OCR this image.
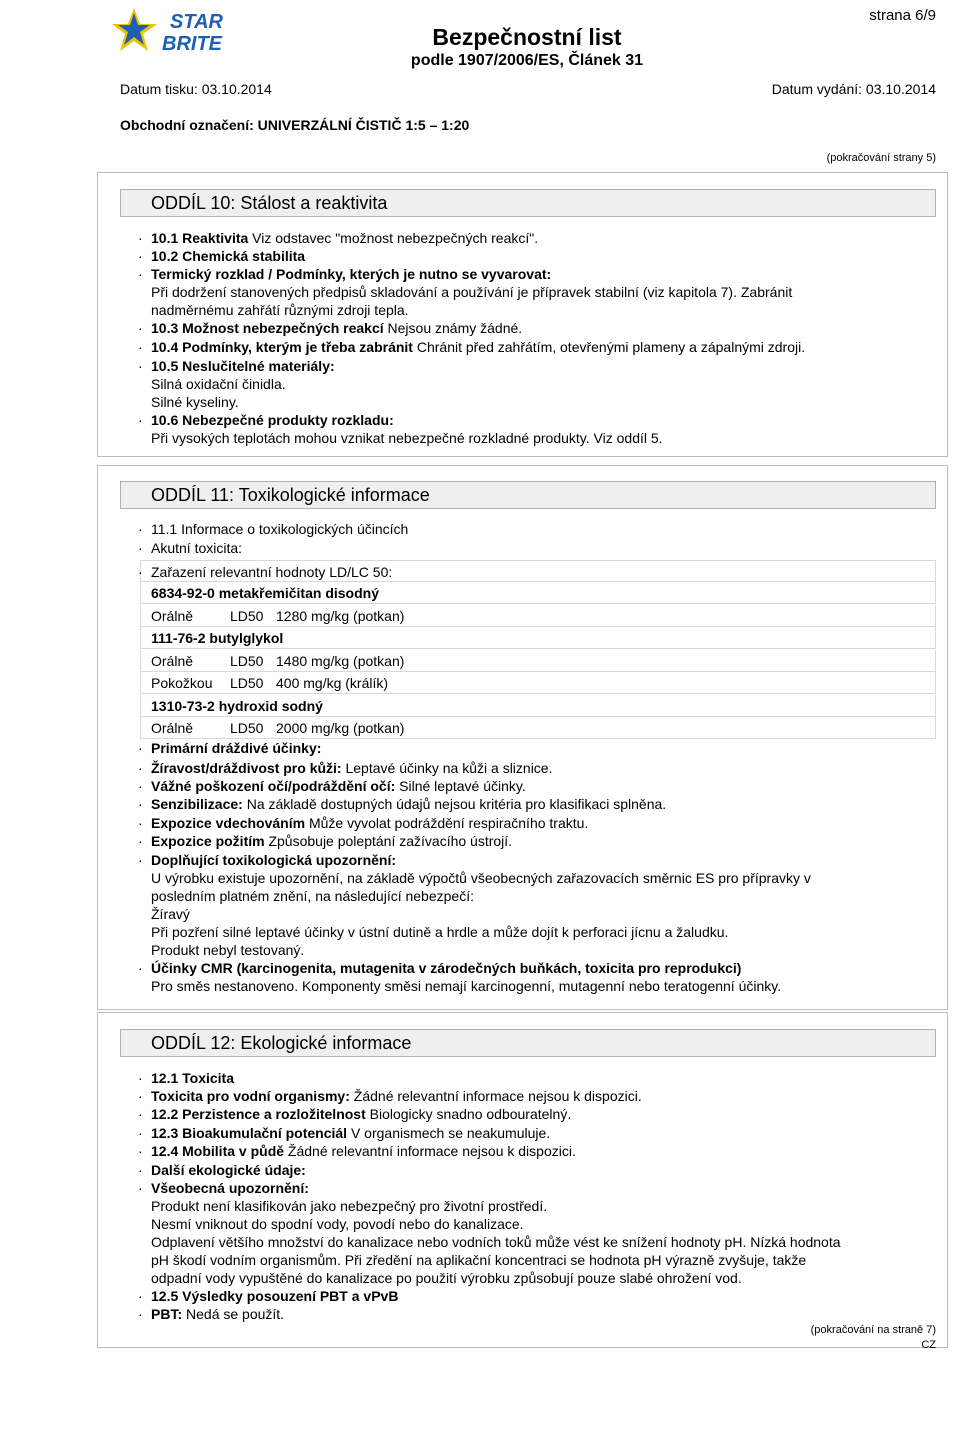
STAR
BRITE
strana 6/9
Bezpečnostní list
podle 1907/2006/ES, Článek 31
Datum tisku: 03.10.2014	Datum vydání: 03.10.2014
Obchodní označení: UNIVERZÁLNÍ ČISTIČ 1:5 – 1:20
(pokračování strany 5)
ODDÍL 10: Stálost a reaktivita
· 10.1 Reaktivita Viz odstavec "možnost nebezpečných reakcí".
· 10.2 Chemická stabilita
· Termický rozklad / Podmínky, kterých je nutno se vyvarovat:
Při dodržení stanovených předpisů skladování a používání je přípravek stabilní (viz kapitola 7). Zabránit
nadměrnému zahřátí různými zdroji tepla.
· 10.3 Možnost nebezpečných reakcí Nejsou známy žádné.
· 10.4 Podmínky, kterým je třeba zabránit Chránit před zahřátím, otevřenými plameny a zápalnými zdroji.
· 10.5 Neslučitelné materiály:
Silná oxidační činidla.
Silné kyseliny.
· 10.6 Nebezpečné produkty rozkladu:
Při vysokých teplotách mohou vznikat nebezpečné rozkladné produkty. Viz oddíl 5.
ODDÍL 11: Toxikologické informace
· 11.1 Informace o toxikologických účincích
· Akutní toxicita:
· Zařazení relevantní hodnoty LD/LC 50:
6834-92-0 metakřemičitan disodný
Orálně	LD50 1280 mg/kg (potkan)
111-76-2 butylglykol
Orálně	LD50 1480 mg/kg (potkan)
Pokožkou LD50 400 mg/kg (králík)
1310-73-2 hydroxid sodný
Orálně	LD50 2000 mg/kg (potkan)
· Primární dráždivé účinky:
· Žíravost/dráždivost pro kůži: Leptavé účinky na kůži a sliznice.
· Vážné poškození očí/podráždění očí: Silné leptavé účinky.
· Senzibilizace: Na základě dostupných údajů nejsou kritéria pro klasifikaci splněna.
· Expozice vdechováním Může vyvolat podráždění respiračního traktu.
· Expozice požitím Způsobuje poleptání zažívacího ústrojí.
· Doplňující toxikologická upozornění:
U výrobku existuje upozornění, na základě výpočtů všeobecných zařazovacích směrnic ES pro přípravky v
posledním platném znění, na následující nebezpečí:
Žíravý
Při pozření silné leptavé účinky v ústní dutině a hrdle a může dojít k perforaci jícnu a žaludku.
Produkt nebyl testovaný.
· Účinky CMR (karcinogenita, mutagenita v zárodečných buňkách, toxicita pro reprodukci)
Pro směs nestanoveno. Komponenty směsi nemají karcinogenní, mutagenní nebo teratogenní účinky.
ODDÍL 12: Ekologické informace
· 12.1 Toxicita
· Toxicita pro vodní organismy: Žádné relevantní informace nejsou k dispozici.
· 12.2 Perzistence a rozložitelnost Biologicky snadno odbouratelný.
· 12.3 Bioakumulační potenciál V organismech se neakumuluje.
· 12.4 Mobilita v půdě Žádné relevantní informace nejsou k dispozici.
· Další ekologické údaje:
· Všeobecná upozornění:
Produkt není klasifikován jako nebezpečný pro životní prostředí.
Nesmí vniknout do spodní vody, povodí nebo do kanalizace.
Odplavení většího množství do kanalizace nebo vodních toků může vést ke snížení hodnoty pH. Nízká hodnota
pH škodí vodním organismům. Při zředění na aplikační koncentraci se hodnota pH výrazně zvyšuje, takže
odpadní vody vypuštěné do kanalizace po použití výrobku způsobují pouze slabé ohrožení vod.
· 12.5 Výsledky posouzení PBT a vPvB
· PBT: Nedá se použít.
(pokračování na straně 7)
CZ
